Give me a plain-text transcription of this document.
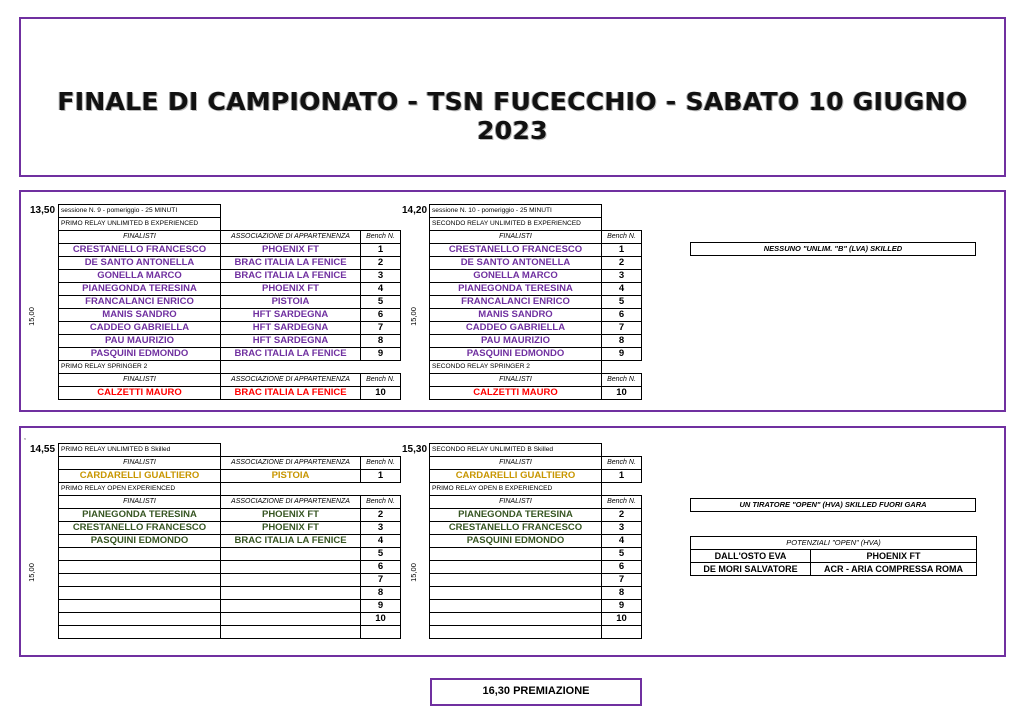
FINALE DI CAMPIONATO - TSN FUCECCHIO - SABATO 10 GIUGNO 2023
13,50
15,00
sessione N. 9 - pomeriggio - 25 MINUTI		
PRIMO RELAY UNLIMITED B EXPERIENCED		
FINALISTI	ASSOCIAZIONE DI APPARTENENZA	Bench N.
CRESTANELLO FRANCESCO	PHOENIX FT	1
DE SANTO ANTONELLA	BRAC ITALIA LA FENICE	2
GONELLA MARCO	BRAC ITALIA LA FENICE	3
PIANEGONDA TERESINA	PHOENIX FT	4
FRANCALANCI ENRICO	PISTOIA	5
MANIS SANDRO	HFT SARDEGNA	6
CADDEO GABRIELLA	HFT SARDEGNA	7
PAU MAURIZIO	HFT SARDEGNA	8
PASQUINI EDMONDO	BRAC ITALIA LA FENICE	9
PRIMO RELAY SPRINGER 2		
FINALISTI	ASSOCIAZIONE DI APPARTENENZA	Bench N.
CALZETTI MAURO	BRAC ITALIA LA FENICE	10
14,20
15,00
sessione N. 10 - pomeriggio - 25 MINUTI	
SECONDO RELAY UNLIMITED B EXPERIENCED	
FINALISTI	Bench N.
CRESTANELLO FRANCESCO	1
DE SANTO ANTONELLA	2
GONELLA MARCO	3
PIANEGONDA TERESINA	4
FRANCALANCI ENRICO	5
MANIS SANDRO	6
CADDEO GABRIELLA	7
PAU MAURIZIO	8
PASQUINI EDMONDO	9
SECONDO RELAY SPRINGER 2	
FINALISTI	Bench N.
CALZETTI MAURO	10
NESSUNO "UNLIM. "B" (LVA) SKILLED
,
14,55
15,00
PRIMO RELAY UNLIMITED B Skilled		
FINALISTI	ASSOCIAZIONE DI APPARTENENZA	Bench N.
CARDARELLI GUALTIERO	PISTOIA	1
PRIMO RELAY OPEN EXPERIENCED		
FINALISTI	ASSOCIAZIONE DI APPARTENENZA	Bench N.
PIANEGONDA TERESINA	PHOENIX FT	2
CRESTANELLO FRANCESCO	PHOENIX FT	3
PASQUINI EDMONDO	BRAC ITALIA LA FENICE	4
		5
		6
		7
		8
		9
		10

15,30
15,00
SECONDO RELAY UNLIMITED B Skilled	
FINALISTI	Bench N.
CARDARELLI GUALTIERO	1
PRIMO RELAY OPEN B EXPERIENCED	
FINALISTI	Bench N.
PIANEGONDA TERESINA	2
CRESTANELLO FRANCESCO	3
PASQUINI EDMONDO	4
	5
	6
	7
	8
	9
	10

UN TIRATORE "OPEN" (HVA) SKILLED FUORI GARA
POTENZIALI "OPEN" (HVA)	
DALL'OSTO EVA	PHOENIX FT
DE MORI SALVATORE	ACR - ARIA COMPRESSA ROMA
16,30 PREMIAZIONE
